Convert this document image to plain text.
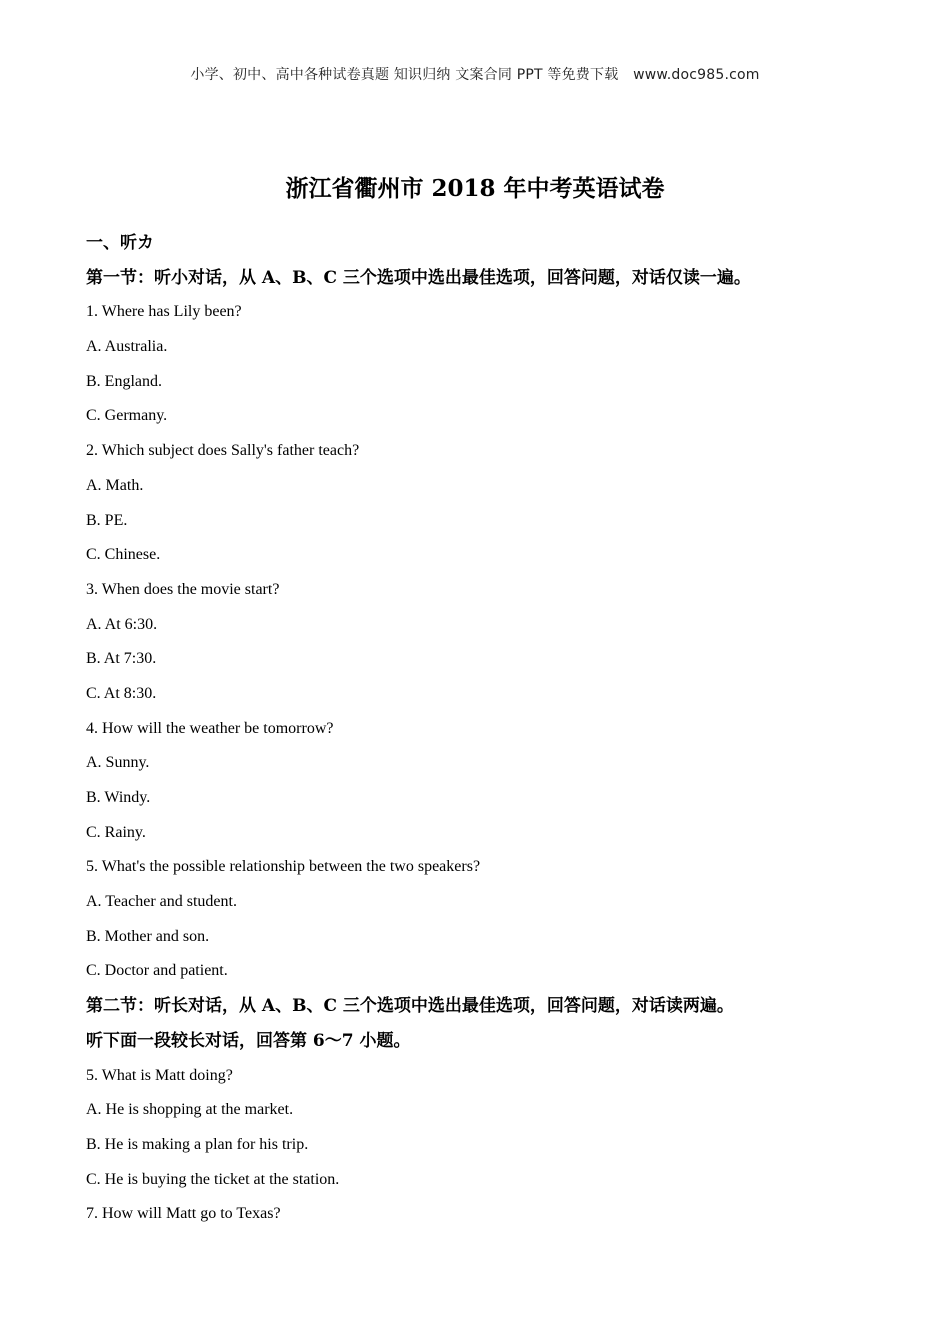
小学、初中、高中各种试卷真题 知识归纳 文案合同 PPT 等免费下载 www.doc985.com
浙江省衢州市 2018 年中考英语试卷
一、听カ
第一节：听小对话，从 A、B、C 三个选项中选出最佳选项，回答问题，对话仅读一遍。
1. Where has Lily been?
A. Australia.
B. England.
C. Germany.
2. Which subject does Sally's father teach?
A. Math.
B. PE.
C. Chinese.
3. When does the movie start?
A. At 6:30.
B. At 7:30.
C. At 8:30.
4. How will the weather be tomorrow?
A. Sunny.
B. Windy.
C. Rainy.
5. What's the possible relationship between the two speakers?
A. Teacher and student.
B. Mother and son.
C. Doctor and patient.
第二节：听长对话，从 A、B、C 三个选项中选出最佳选项，回答问题，对话读两遍。
听下面一段较长对话，回答第 6～7 小题。
5. What is Matt doing?
A. He is shopping at the market.
B. He is making a plan for his trip.
C. He is buying the ticket at the station.
7. How will Matt go to Texas?
